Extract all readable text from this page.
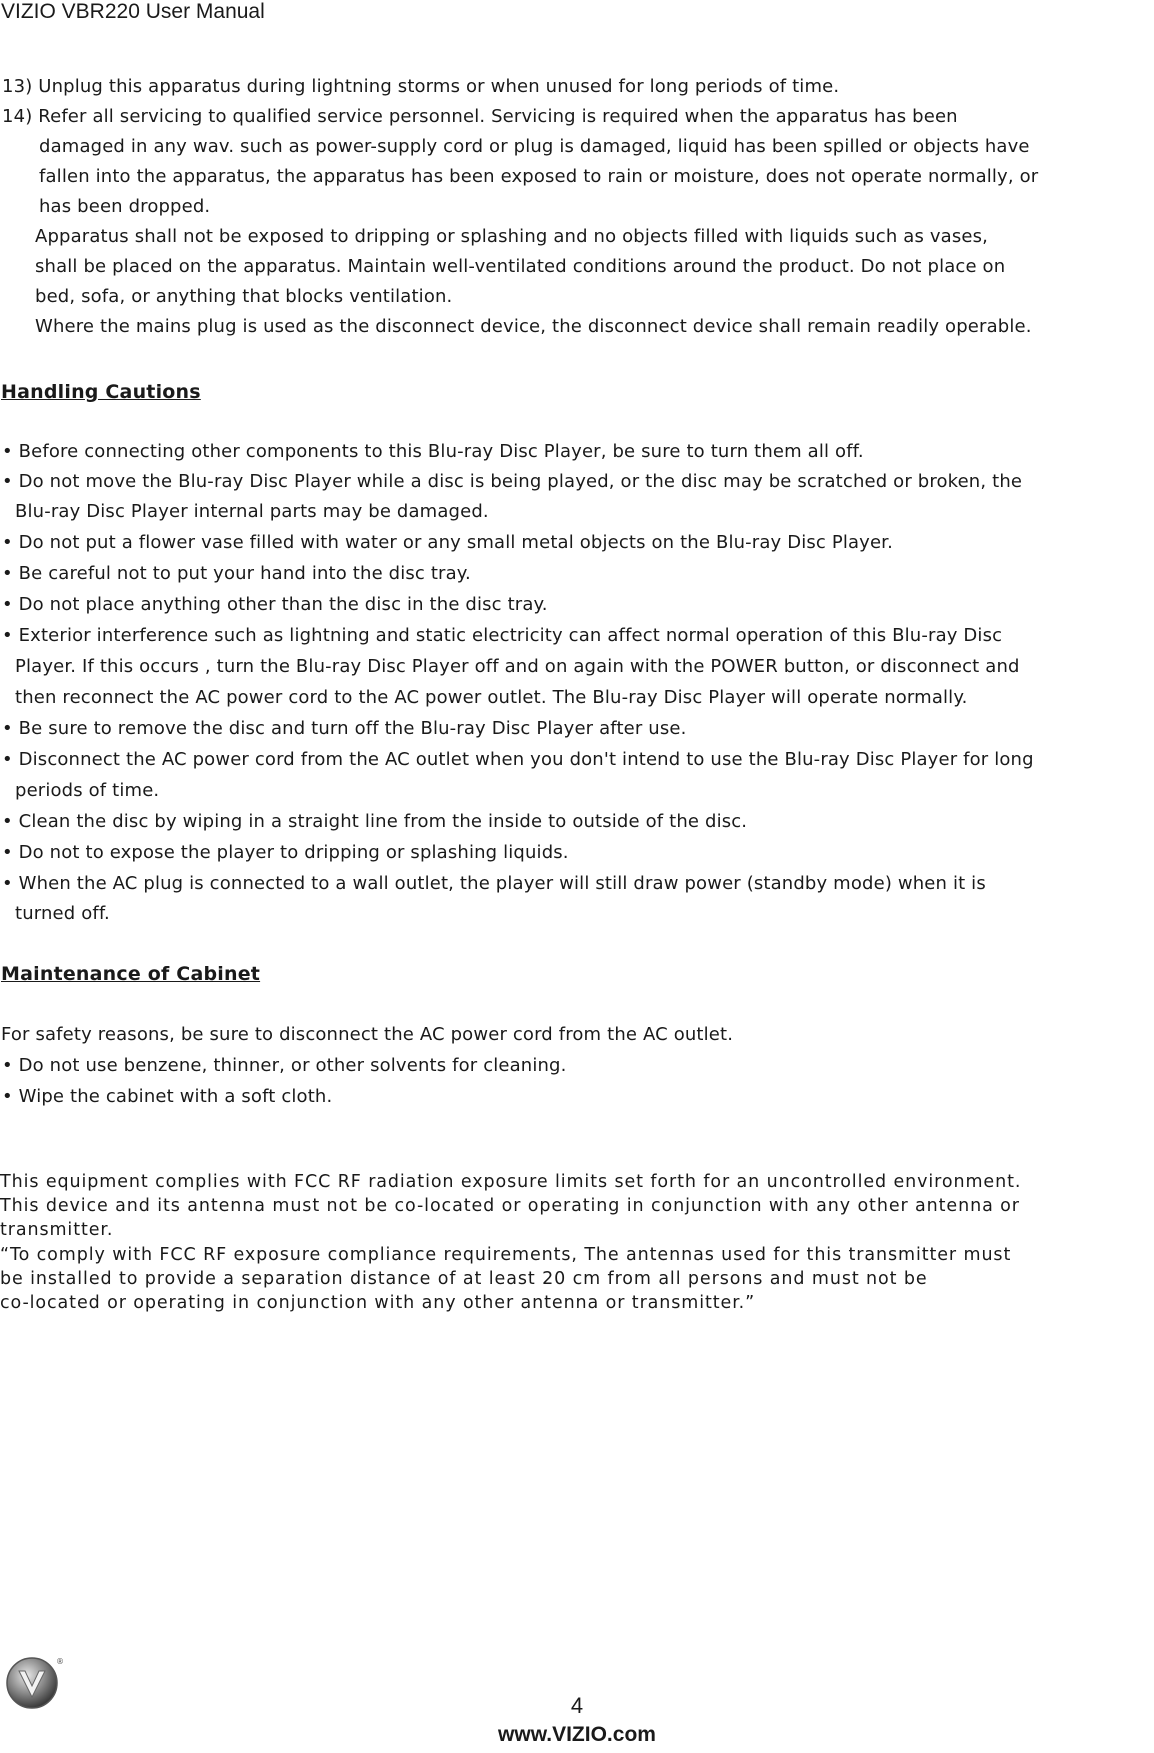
VIZIO VBR220 User Manual
13) Unplug this apparatus during lightning storms or when unused for long periods of time.
14) Refer all servicing to qualified service personnel. Servicing is required when the apparatus has been
damaged in any wav. such as power-supply cord or plug is damaged, liquid has been spilled or objects have
fallen into the apparatus, the apparatus has been exposed to rain or moisture, does not operate normally, or
has been dropped.
Apparatus shall not be exposed to dripping or splashing and no objects filled with liquids such as vases,
shall be placed on the apparatus. Maintain well-ventilated conditions around the product. Do not place on
bed, sofa, or anything that blocks ventilation.
Where the mains plug is used as the disconnect device, the disconnect device shall remain readily operable.
Handling Cautions
• Before connecting other components to this Blu-ray Disc Player, be sure to turn them all off.
• Do not move the Blu-ray Disc Player while a disc is being played, or the disc may be scratched or broken, the
Blu-ray Disc Player internal parts may be damaged.
• Do not put a flower vase filled with water or any small metal objects on the Blu-ray Disc Player.
• Be careful not to put your hand into the disc tray.
• Do not place anything other than the disc in the disc tray.
• Exterior interference such as lightning and static electricity can affect normal operation of this Blu-ray Disc
Player. If this occurs , turn the Blu-ray Disc Player off and on again with the POWER button, or disconnect and
then reconnect the AC power cord to the AC power outlet. The Blu-ray Disc Player will operate normally.
• Be sure to remove the disc and turn off the Blu-ray Disc Player after use.
• Disconnect the AC power cord from the AC outlet when you don't intend to use the Blu-ray Disc Player for long
periods of time.
• Clean the disc by wiping in a straight line from the inside to outside of the disc.
• Do not to expose the player to dripping or splashing liquids.
• When the AC plug is connected to a wall outlet, the player will still draw power (standby mode) when it is
turned off.
Maintenance of Cabinet
For safety reasons, be sure to disconnect the AC power cord from the AC outlet.
• Do not use benzene, thinner, or other solvents for cleaning.
• Wipe the cabinet with a soft cloth.
This equipment complies with FCC RF radiation exposure limits set forth for an uncontrolled environment.
This device and its antenna must not be co-located or operating in conjunction with any other antenna or
transmitter.
“To comply with FCC RF exposure compliance requirements, The antennas used for this transmitter must
be installed to provide a separation distance of at least 20 cm from all persons and must not be
co-located or operating in conjunction with any other antenna or transmitter.”
®
4
www.VIZIO.com
